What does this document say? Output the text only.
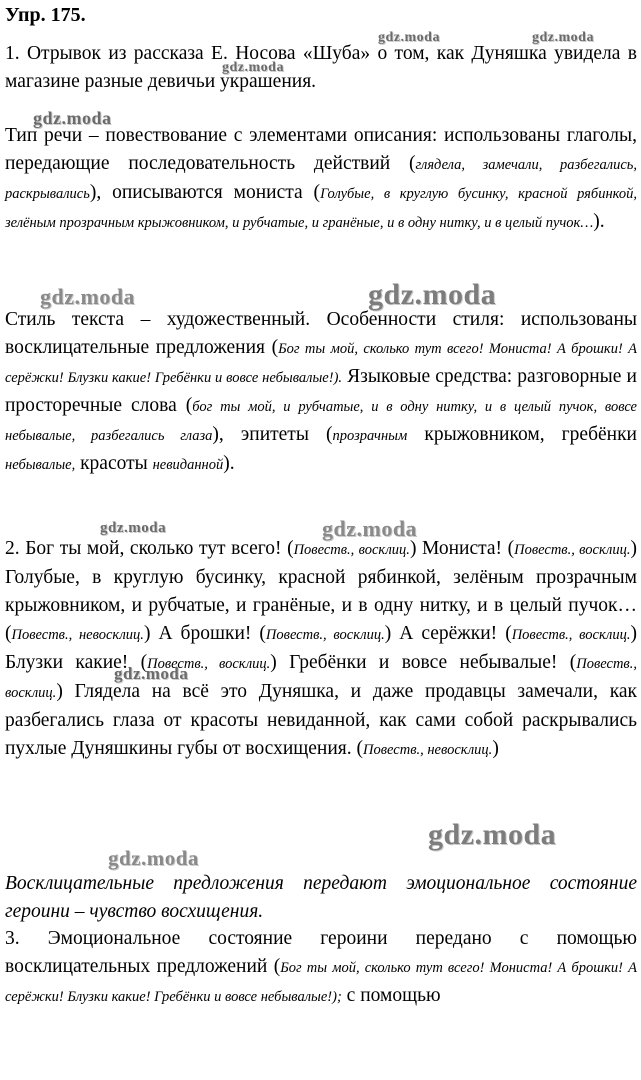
Упр. 175.
1. Отрывок из рассказа Е. Носова «Шуба» о том, как Дуняшка увидела в магазине разные девичьи украшения.
Тип речи – повествование с элементами описания: использованы глаголы, передающие последовательность действий (глядела, замечали, разбегались, раскрывались), описываются мониста (Голубые, в круглую бусинку, красной рябинкой, зелёным прозрачным крыжовником, и рубчатые, и гранёные, и в одну нитку, и в целый пучок…).
Стиль текста – художественный. Особенности стиля: использованы восклицательные предложения (Бог ты мой, сколько тут всего! Мониста! А брошки! А серёжки! Блузки какие! Гребёнки и вовсе небывалые!). Языковые средства: разговорные и просторечные слова (бог ты мой, и рубчатые, и в одну нитку, и в целый пучок, вовсе небывалые, разбегались глаза), эпитеты (прозрачным крыжовником, гребёнки небывалые, красоты невиданной).
2. Бог ты мой, сколько тут всего! (Повеств., восклиц.) Мониста! (Повеств., восклиц.) Голубые, в круглую бусинку, красной рябинкой, зелёным прозрачным крыжовником, и рубчатые, и гранёные, и в одну нитку, и в целый пучок… (Повеств., невосклиц.) А брошки! (Повеств., восклиц.) А серёжки! (Повеств., восклиц.) Блузки какие! (Повеств., восклиц.) Гребёнки и вовсе небывалые! (Повеств., восклиц.) Глядела на всё это Дуняшка, и даже продавцы замечали, как разбегались глаза от красоты невиданной, как сами собой раскрывались пухлые Дуняшкины губы от восхищения. (Повеств., невосклиц.)
Восклицательные предложения передают эмоциональное состояние героини – чувство восхищения.
3. Эмоциональное состояние героини передано с помощью восклицательных предложений (Бог ты мой, сколько тут всего! Мониста! А брошки! А серёжки! Блузки какие! Гребёнки и вовсе небывалые!); с помощью
gdz.moda	gdz.moda
gdz.moda
gdz.moda
gdz.moda	gdz.moda
gdz.moda	gdz.moda
gdz.moda
gdz.moda
gdz.moda
